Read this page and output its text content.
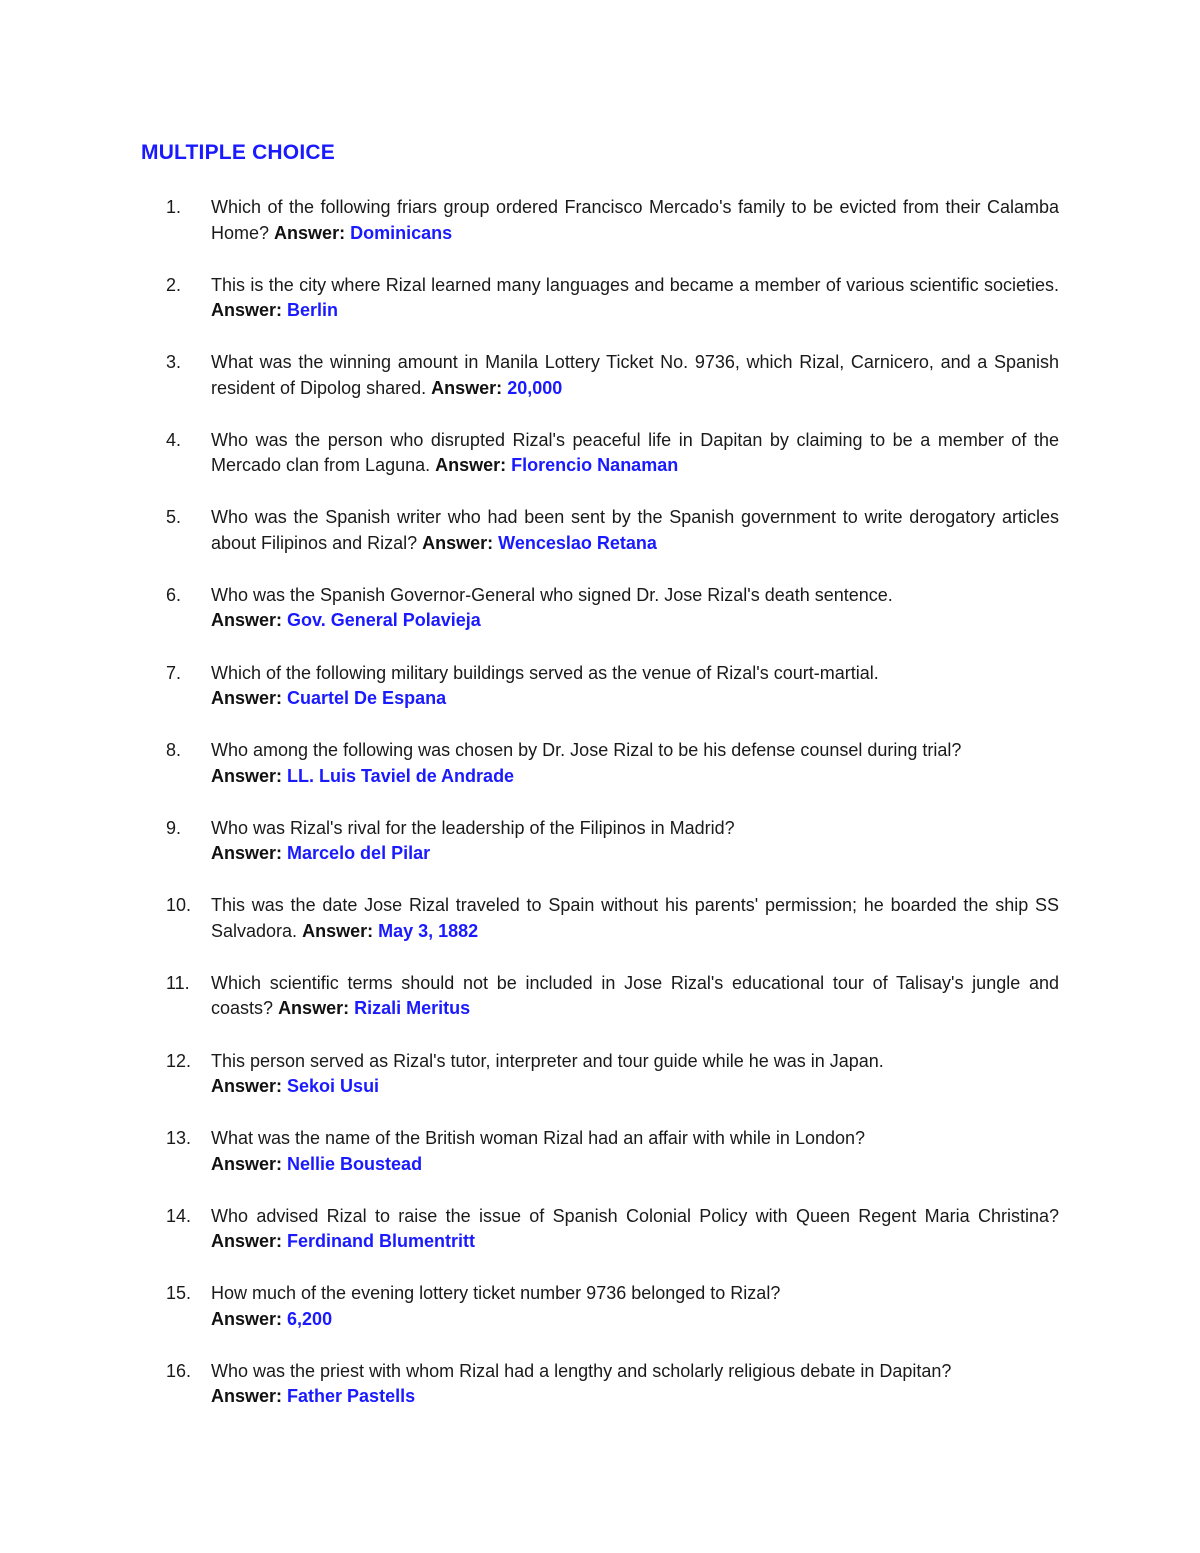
MULTIPLE CHOICE
1.	Which of the following friars group ordered Francisco Mercado's family to be evicted from their Calamba Home? Answer: Dominicans
2.	This is the city where Rizal learned many languages and became a member of various scientific societies. Answer: Berlin
3.	What was the winning amount in Manila Lottery Ticket No. 9736, which Rizal, Carnicero, and a Spanish resident of Dipolog shared. Answer: 20,000
4.	Who was the person who disrupted Rizal's peaceful life in Dapitan by claiming to be a member of the Mercado clan from Laguna. Answer: Florencio Nanaman
5.	Who was the Spanish writer who had been sent by the Spanish government to write derogatory articles about Filipinos and Rizal? Answer: Wenceslao Retana
6.	Who was the Spanish Governor-General who signed Dr. Jose Rizal's death sentence.
Answer: Gov. General Polavieja
7.	Which of the following military buildings served as the venue of Rizal's court-martial.
Answer: Cuartel De Espana
8.	Who among the following was chosen by Dr. Jose Rizal to be his defense counsel during trial?
Answer: LL. Luis Taviel de Andrade
9.	Who was Rizal's rival for the leadership of the Filipinos in Madrid?
Answer: Marcelo del Pilar
10.	This was the date Jose Rizal traveled to Spain without his parents' permission; he boarded the ship SS Salvadora. Answer: May 3, 1882
11.	Which scientific terms should not be included in Jose Rizal's educational tour of Talisay's jungle and coasts? Answer: Rizali Meritus
12.	This person served as Rizal's tutor, interpreter and tour guide while he was in Japan.
Answer: Sekoi Usui
13.	What was the name of the British woman Rizal had an affair with while in London?
Answer: Nellie Boustead
14.	Who advised Rizal to raise the issue of Spanish Colonial Policy with Queen Regent Maria Christina? Answer: Ferdinand Blumentritt
15.	How much of the evening lottery ticket number 9736 belonged to Rizal?
Answer: 6,200
16.	Who was the priest with whom Rizal had a lengthy and scholarly religious debate in Dapitan?
Answer: Father Pastells
